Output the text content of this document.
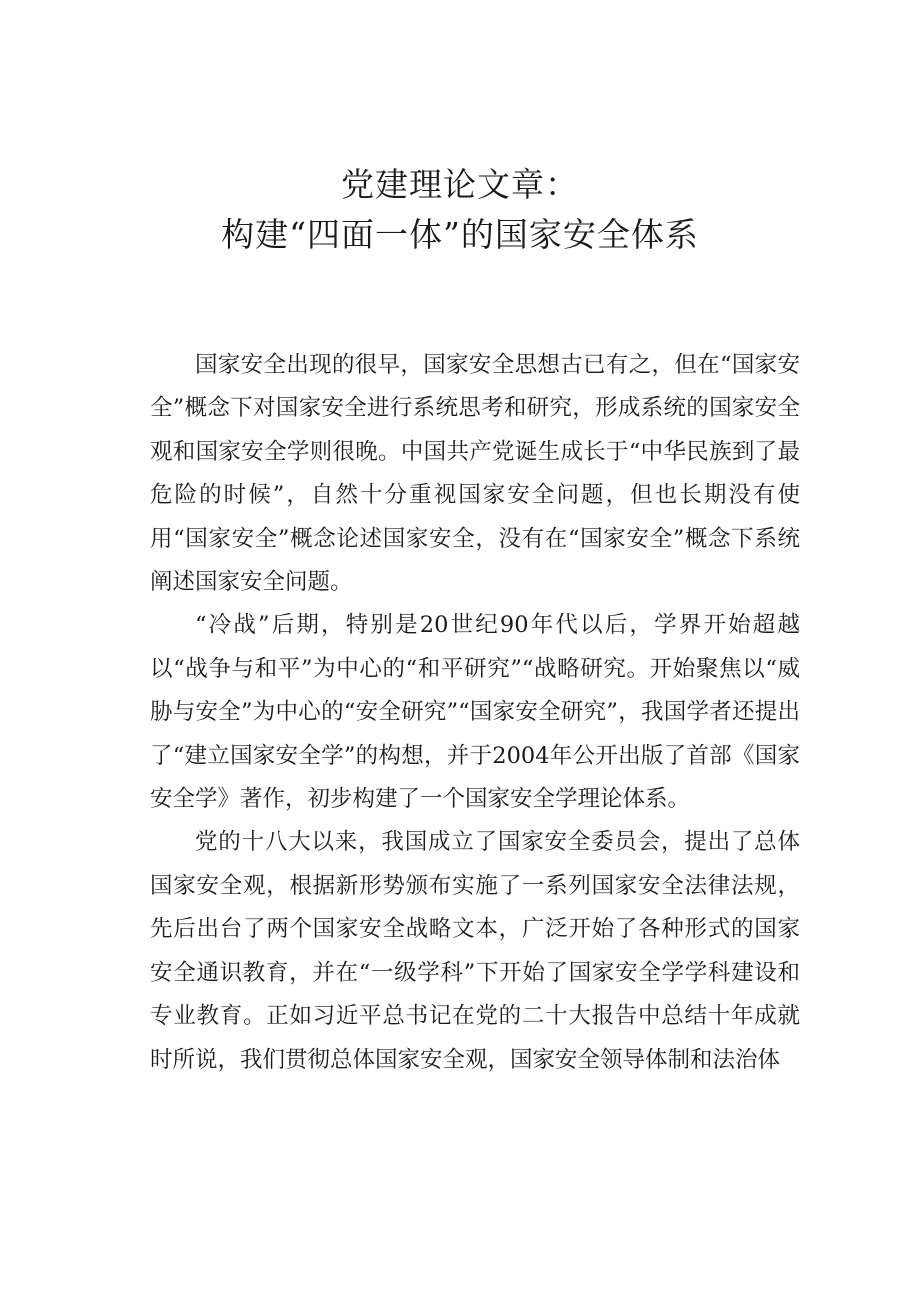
党建理论文章：
构建“四面一体”的国家安全体系

国家安全出现的很早，国家安全思想古已有之，但在“国家安全”概念下对国家安全进行系统思考和研究，形成系统的国家安全观和国家安全学则很晚。中国共产党诞生成长于“中华民族到了最危险的时候”，自然十分重视国家安全问题，但也长期没有使用“国家安全”概念论述国家安全，没有在“国家安全”概念下系统阐述国家安全问题。

“冷战”后期，特别是20世纪90年代以后，学界开始超越以“战争与和平”为中心的“和平研究”“战略研究。开始聚焦以“威胁与安全”为中心的“安全研究”“国家安全研究”，我国学者还提出了“建立国家安全学”的构想，并于2004年公开出版了首部《国家安全学》著作，初步构建了一个国家安全学理论体系。

党的十八大以来，我国成立了国家安全委员会，提出了总体国家安全观，根据新形势颁布实施了一系列国家安全法律法规，先后出台了两个国家安全战略文本，广泛开始了各种形式的国家安全通识教育，并在“一级学科”下开始了国家安全学学科建设和专业教育。正如习近平总书记在党的二十大报告中总结十年成就时所说，我们贯彻总体国家安全观，国家安全领导体制和法治体
